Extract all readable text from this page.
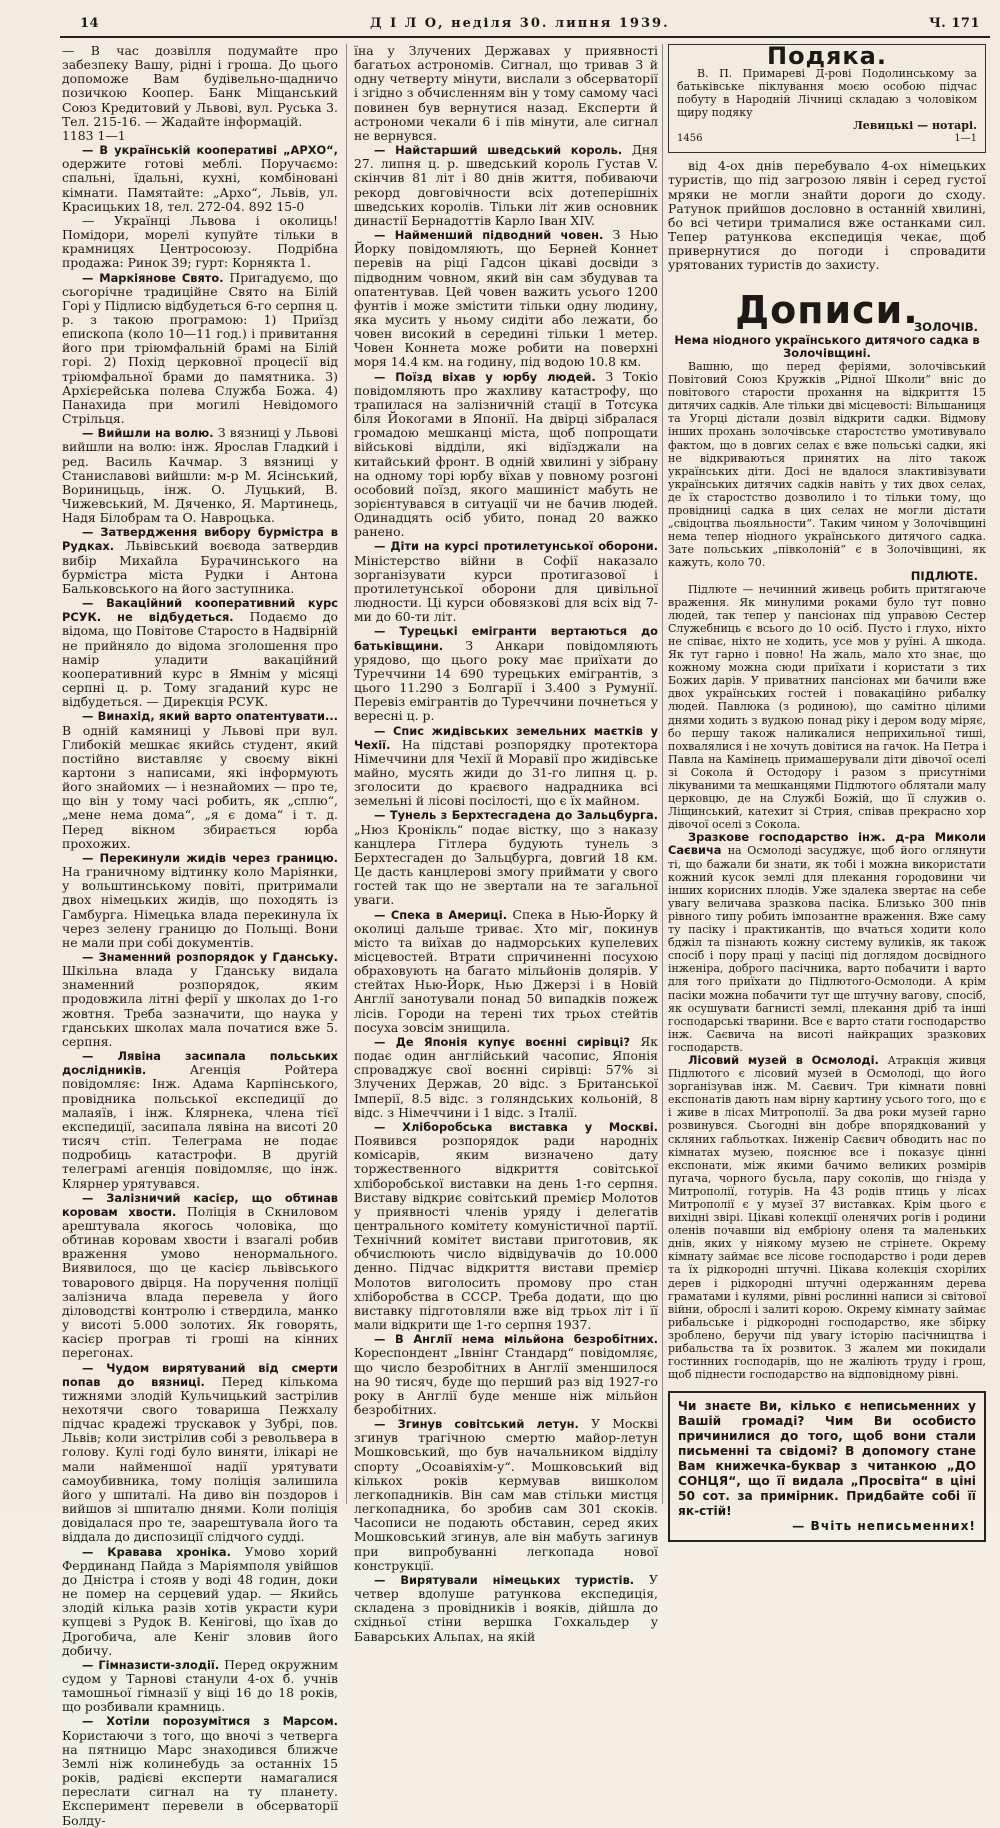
14	Д І Л О, неділя 30. липня 1939.	Ч. 171

— В час дозвілля подумайте про забезпеку Вашу, рідні і гроша. До цього допоможе Вам будівельно-щадничо позичкою Коопер. Банк Міщанський Союз Кредитовий у Львові, вул. Руська 3. Тел. 215-16. — Жадайте інформацій.

1183 1—1

— В українській кооперативі „АРХО“, одержите готові меблі. Поручаємо: спальні, їдальні, кухні, комбіновані кімнати. Памятайте: „Архо“, Львів, ул. Красицьких 18, тел. 272-04. 892 15-0

— Українці Львова і околиць! Помідори, морелі купуйте тільки в крамницях Центросоюзу. Подрібна продажа: Ринок 39; гурт: Корнякта 1.

— Маркіянове Свято. Пригадуємо, що сьогорічне традиційне Свято на Білій Горі у Підлисю відбудеться 6-го серпня ц. р. з такою програмою: 1) Приїзд епископа (коло 10—11 год.) і привитання його при тріюмфальній брамі на Білій горі. 2) Похід церковної процесії від тріюмфальної брами до памятника. 3) Архієрейська полева Служба Божа. 4) Панахида при могилі Невідомого Стрільця.

— Вийшли на волю. З вязниці у Львові вийшли на волю: інж. Ярослав Гладкий і ред. Василь Качмар. З вязниці у Станиславові вийшли: м-р М. Ясінський, Вориницьць, інж. О. Луцький, В. Чижевський, М. Дяченко, Я. Мартинець, Надя Білобрам та О. Навроцька.

— Затвердження вибору бурмістра в Рудках. Львівський воєвода затвердив вибір Михайла Бурачинського на бурмістра міста Рудки і Антона Бальковського на його заступника.

— Вакаційний кооперативний курс РСУК. не відбудеться. Подаємо до відома, що Повітове Старосто в Надвірній не прийняло до відома зголошення про намір уладити вакаційний кооперативний курс в Ямнім у місяці серпні ц. р. Тому згаданий курс не відбудеться. — Дирекція РСУК.

— Винахід, який варто опатентувати... В одній камяниці у Львові при вул. Глибокій мешкає якийсь студент, який постійно виставляє у своєму вікні картони з написами, які інформують його знайомих — і незнайомих — про те, що він у тому часі робить, як „сплю“, „мене нема дома“, „я є дома“ і т. д. Перед вікном збирається юрба прохожих.

— Перекинули жидів через границю. На граничному відтинку коло Маріянки, у вольштинському повіті, притримали двох німецьких жидів, що походять із Гамбурга. Німецька влада перекинула їх через зелену границю до Польщі. Вони не мали при собі документів.

— Знаменний розпорядок у Гданську. Шкільна влада у Гданську видала знаменний розпорядок, яким продовжила літні ферії у школах до 1-го жовтня. Треба зазначити, що наука у гданських школах мала початися вже 5. серпня.

— Лявіна засипала польських дослідників. Агенція Ройтера повідомляє: Інж. Адама Карпінського, провідника польської експедиції до малаяїв, і інж. Клярнека, члена тієї експедиції, засипала лявіна на висоті 20 тисяч стіп. Телеграма не подає подробиць катастрофи. В другій телеграмі агенція повідомляє, що інж. Клярнер урятувався.

— Залізничий касієр, що обтинав коровам хвости. Поліція в Скниловом арештувала якогось чоловіка, що обтинав коровам хвости і взагалі робив враження умово ненормального. Виявилося, що це касієр львівського товарового двірця. На поручення поліції залізнича влада перевела у його діловодстві контролю і ствердила, манко у висоті 5.000 золотих. Як говорять, касієр програв ті гроші на кінних перегонах.

— Чудом вирятуваний від смерти попав до вязниці. Перед кількома тижнями злодій Кульчицький застрілив нехотячи свого товариша Пежхалу підчас крадежі трускавок у Зубрі, пов. Львів; коли зистрілив собі з револьвера в голову. Кулі годі було виняти, ілікарі не мали найменшої надії урятувати самоубивника, тому поліція залишила його у шпиталі. На диво він поздоров і вийшов зі шпиталю днями. Коли поліція довідалася про те, заарештувала його та віддала до диспозиції слідчого судді.

— Кравава хроніка. Умово хорий Фердинанд Пайда з Маріямполя увійшов до Дністра і стояв у воді 48 годин, доки не помер на серцевий удар. — Якийсь злодій кілька разів хотів украсти кури купцеві з Рудок В. Кенігові, що їхав до Дрогобича, але Кеніг зловив його добичу.

— Гімназисти-злодії. Перед окружним судом у Тарнові станули 4-ох б. учнів тамошньої гімназії у віці 16 до 18 років, що розбивали крамниць.

— Хотіли порозумітися з Марсом. Користаючи з того, що вночі з четверга на пятницю Марс знаходився ближче Землі ніж колинебудь за останніх 15 років, радієві експерти намагалися переслати сигнал на ту планету. Експеримент перевели в обсерваторії Болду-

їна у Злучених Державах у приявності багатьох астрономів. Сигнал, що тривав 3 й одну четверту мінути, вислали з обсерваторії і згідно з обчисленням він у тому самому часі повинен був вернутися назад. Експерти й астрономи чекали 6 і пів мінути, але сигнал не вернувся.

— Найстарший шведський король. Дня 27. липня ц. р. шведський король Густав V. скінчив 81 літ і 80 днів життя, побиваючи рекорд довговічности всіх дотеперішніх шведських королів. Тільки літ жив основник династії Бернадоттів Карло Іван XIV.

— Найменший підводний човен. З Нью Йорку повідомляють, що Берней Коннет перевів на ріці Гадсон цікаві досвіди з підводним човном, який він сам збудував та опатентував. Цей човен важить усього 1200 фунтів і може змістити тільки одну людину, яка мусить у ньому сидіти або лежати, бо човен високий в середині тільки 1 метер. Човен Коннета може робити на поверхні моря 14.4 км. на годину, під водою 10.8 км.

— Поїзд віхав у юрбу людей. З Токіо повідомляють про жахливу катастрофу, що трапилася на залізничній стації в Тотсука біля Йокогами в Японії. На двірці зібралася громадою мешканці міста, щоб попрощати військові відділи, які відїзджали на китайський фронт. В одній хвилині у зібрану на одному торі юрбу вїхав у повному розгоні особовий поїзд, якого машиніст мабуть не зорієнтувався в ситуації чи не бачив людей. Одинадцять осіб убито, понад 20 важко ранено.

— Діти на курсі протилетунської оборони. Міністерство війни в Софії наказало зорганізувати курси протигазової і протилетунської оборони для цивільної людности. Ці курси обовязкові для всіх від 7-ми до 60-ти літ.

— Турецькі емігранти вертаються до батьківщини. З Анкари повідомляють урядово, що цього року має приїхати до Туреччини 14 690 турецьких емігрантів, з цього 11.290 з Болгарії і 3.400 з Румунії. Перевіз емігрантів до Туреччини почнеться у вересні ц. р.

— Спис жидівських земельних маєтків у Чехії. На підставі розпорядку протектора Німеччини для Чехії й Моравії про жидівське майно, мусять жиди до 31-го липня ц. р. зголосити до краєвого надрадника всі земельні й лісові посілості, що є їх майном.

— Тунель з Берхтесгадена до Зальцбурга. „Нюз Кронікль“ подає вістку, що з наказу канцлера Гітлера будують тунель з Берхтесгаден до Зальцбурга, довгий 18 км. Це дасть канцлерові змогу приймати у свого гостей так що не звертали на те загальної уваги.

— Спека в Америці. Спека в Нью-Йорку й околиці дальше триває. Хто міг, покинув місто та виїхав до надморських купелевих місцевостей. Втрати спричиненні посухою обраховують на багато мільйонів долярів. У стейтах Нью-Йорк, Нью Джерзі і в Новій Англії занотували понад 50 випадків пожеж лісів. Городи на терені тих трьох стейтів посуха зовсім знищила.

— Де Японія купує воєнні сирівці? Як подає один англійський часопис, Японія спроваджує свої воєнні сирівці: 57% зі Злучених Держав, 20 відс. з Британської Імперії, 8.5 відс. з голяндських кольоній, 8 відс. з Німеччини і 1 відс. з Італії.

— Хліборобська виставка у Москві. Появився розпорядок ради народніх комісарів, яким визначено дату торжественного відкриття совітської хліборобської виставки на день 1-го серпня. Виставу відкриє совітський премієр Молотов у приявності членів уряду і делегатів центрального комітету комуністичної партії. Технічний комітет вистави приготовив, як обчислюють число відвідувачів до 10.000 денно. Підчас відкриття вистави премієр Молотов виголосить промову про стан хліборобства в СССР. Треба додати, що цю виставку підготовляли вже від трьох літ і її мали відкрити ще 1-го серпня 1937.

— В Англії нема мільйона безробітних. Кореспондент „Івнінг Стандард“ повідомляє, що число безробітних в Англії зменшилося на 90 тисяч, буде що перший раз від 1927-го року в Англії буде менше ніж мільйон безробітних.

— Згинув совітський летун. У Москві згинув трагічною смертю майор-летун Мошковський, що був начальником відділу спорту „Осоавіяхім-у“. Мошковський від кількох років кермував вишколом легкопадників. Він сам мав стільки мистця легкопадника, бо зробив сам 301 скоків. Часописи не подають обставин, серед яких Мошковський згинув, але він мабуть загинув при випробуванні легкопада нової конструкції.

— Вирятували німецьких туристів. У четвер вдолуше ратункова експедиція, складена з провідників і вояків, дійшла до східньої стіни вершка Гохкальдер у Баварських Альпах, на якій

Подяка.

В. П. Примареві Д-рові Подолинському за батьківське піклування моєю особою підчас побуту в Народній Лічниці складаю з чоловіком щиру подяку

Левицькі — нотарі.

1456	1—1

від 4-ох днів перебувало 4-ох німецьких туристів, що під загрозою лявін і серед густої мряки не могли знайти дороги до сходу. Ратунок прийшов дословно в останній хвилині, бо всі четири трималися вже останками сил. Тепер ратункова експедиція чекає, щоб привернутися до погоди і спровадити урятованих туристів до захисту.

Дописи.
ЗОЛОЧІВ.

Нема ніодного українського дитячого садка в Золочівщині.

Вашню, що перед феріями, золочівський Повітовий Союз Кружків „Рідної Школи“ вніс до повітового старости прохання на відкриття 15 дитячих садків. Але тільки дві місцевості: Вільшаниця та Угорці дістали дозвіл відкрити садки. Відмову інших прохань золочівське старостство умотивувало фактом, що в довгих селах є вже польські садки, які не відкриваються принятих на літо також українських діти. Досі не вдалося злактивізувати українських дитячих садків навіть у тих двох селах, де їх старостство дозволило і то тільки тому, що провідниці садка в цих селах не могли дістати „свідоцтва льояльности“. Таким чином у Золочівщині нема тепер ніодного українського дитячого садка. Зате польських „півколоній“ є в Золочівщині, як кажуть, коло 70.

ПІДЛЮТЕ.

Підлюте — нечинний живець робить притягаюче враження. Як минулими роками було тут повно людей, так тепер у пансіонах під управою Сестер Служебниць є всього до 10 осіб. Пусто і глухо, ніхто не співає, ніхто не ходить, усе мов у руїні. А шкода. Як тут гарно і повно! На жаль, мало хто знає, що кожному можна сюди приїхати і користати з тих Божих дарів. У приватних пансіонах ми бачили вже двох українських гостей і повакаційно рибалку людей. Павлюка (з родиною), що самітно цілими днями ходить з вудкою понад ріку і дером воду міряє, бо першу також наликалися неприхильної тиші, похвалялися і не хочуть довітися на гачок. На Петра і Павла на Камінець примашерували діти дівочої оселі зі Сокола й Остодору і разом з присутніми лікуваними та мешканцями Підлютого облятали малу церковцю, де на Службі Божій, що її служив о. Ліщинський, катехит зі Стрия, співав прекрасно хор дівочої оселі з Сокола.

Зразкове господарство інж. д-ра Миколи Саєвича на Осмолоді засуджує, щоб його оглянути ті, що бажали би знати, як тобі і можна використати кожний кусок землі для плекання городовини чи інших корисних плодів. Уже здалека звертає на себе увагу величава зразкова пасіка. Близько 300 пнів рівного типу робить імпозантне враження. Вже саму ту пасіку і практикантів, що вчаться ходити коло бджіл та пізнають кожну систему вуликів, як також спосіб і пору праці у пасіці під доглядом досвідного інженіра, доброго пасічника, варто побачити і варто для того приїхати до Підлютого-Осмолоди. А крім пасіки можна побачити тут ще штучну вагову, спосіб, як осушувати багнисті землі, плекання дріб та інші господарські тварини. Все є варто стати господарство інж. Саєвича на висоті найкращих зразкових господарств.

Лісовий музей в Осмолоді. Атракція живця Підлютого є лісовий музей в Осмолоді, що його зорганізував інж. М. Саєвич. Три кімнати повні експонатів дають нам вірну картину усього того, що є і живе в лісах Митрополії. За два роки музей гарно розвинувся. Сьогодні він добре впорядкований у скляних габльотках. Інженір Саєвич обводить нас по кімнатах музею, пояснює все і показує цінні експонати, між якими бачимо великих розмірів пугача, чорного бусьла, пару соколів, що гнізда у Митрополії, готурів. На 43 родів птиць у лісах Митрополії є у музеї 37 виставках. Крім цього є вихідні звірі. Цікаві колекції оленячих рогів і родини оленів почавши від ембріону оленя та маленьких днів, яких у ніякому музею не стрінете. Окрему кімнату займає все лісове господарство і роди дерев та їх рідкородні штучні. Цікава колекція схорілих дерев і рідкородні штучні одержанням дерева граматами і кулями, рівні рослинні написи зі світової війни, оброслі і залиті корою. Окрему кімнату займає рибальське і рідкородні господарство, яке збірку зроблено, беручи під увагу історію пасічництва і рибальства та їх розвиток. З жалем ми покидали гостинних господарів, що не жаліють труду і грош, щоб піднести господарство на відповідному рівні.

Чи знаєте Ви, кілько є неписьменних у Вашій громаді? Чим Ви особисто причинилися до того, щоб вони стали письменні та свідомі? В допомогу стане Вам книжечка-буквар з читанкою „ДО СОНЦЯ“, що її видала „Просвіта“ в ціні 50 сот. за примірник. Придбайте собі її як-стій!
— Вчіть неписьменних!
